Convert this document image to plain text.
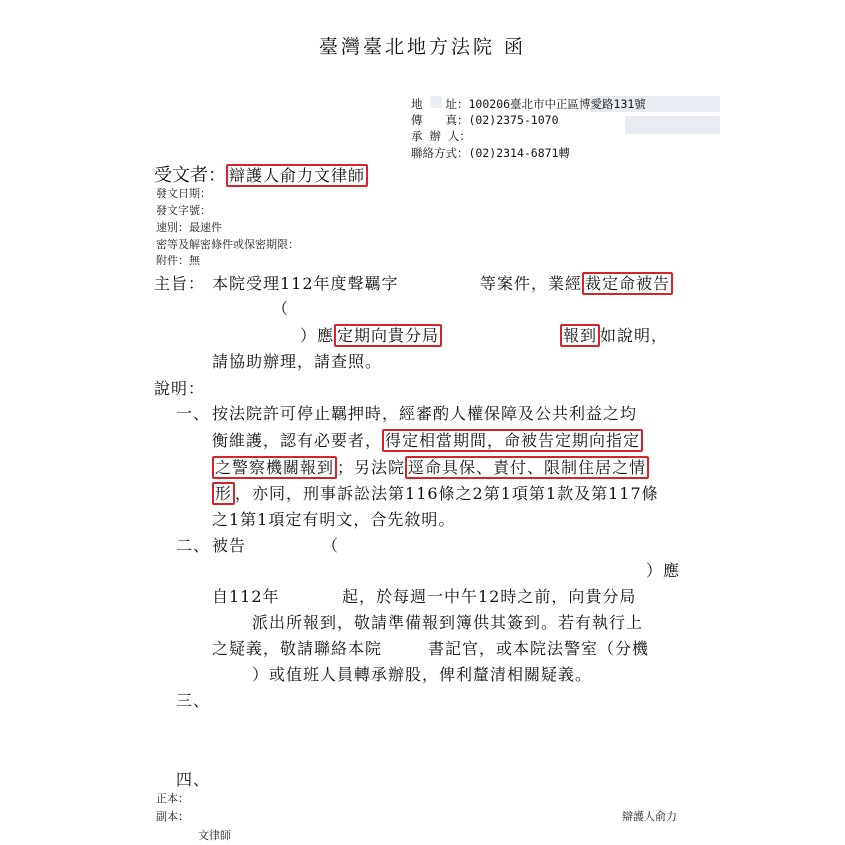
臺灣臺北地方法院 函
地　　址：100206臺北市中正區博愛路131號
傳　　真：(02)2375-1070
承 辦 人：
聯絡方式：(02)2314-6871轉
受文者： 辯護人俞力文律師
發文日期：
發文字號：
速別：最速件
密等及解密條件或保密期限：
附件：無
主旨： 本院受理112年度聲羈字	等案件，業經 裁定命被告
（
）應 定期向貴分局	報到 如說明，
請協助辦理，請查照。
說明：
一、 按法院許可停止羈押時，經審酌人權保障及公共利益之均
衡維護，認有必要者， 得定相當期間，命被告定期向指定
之警察機關報到 ；另法院 逕命具保、責付、限制住居之情
形 ，亦同，刑事訴訟法第116條之2第1項第1款及第117條
之1第1項定有明文，合先敘明。
二、 被告	（
）應
自112年	起，於每週一中午12時之前，向貴分局
派出所報到，敬請準備報到簿供其簽到。若有執行上
之疑義，敬請聯絡本院	書記官，或本院法警室（分機
）或值班人員轉承辦股，俾利釐清相關疑義。
三、
四、
正本：
副本：	辯護人俞力
文律師
